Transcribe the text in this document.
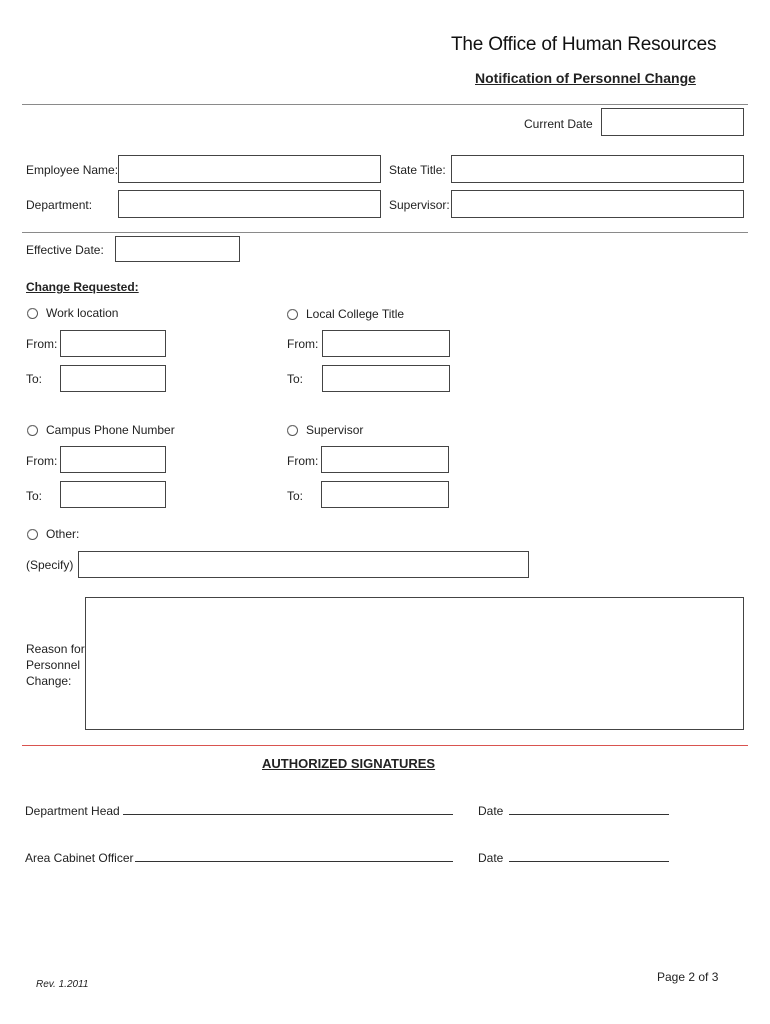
The Office of Human Resources
Notification of Personnel Change
Current Date
Employee Name:	State Title:
Department:	Supervisor:
Effective Date:
Change Requested:
Work location
From:
To:
Local College Title
From:
To:
Campus Phone Number
From:
To:
Supervisor
From:
To:
Other:
(Specify)
Reason for
Personnel
Change:
AUTHORIZED SIGNATURES
Department Head	Date
Area Cabinet Officer	Date
Rev. 1.2011
Page 2 of 3
